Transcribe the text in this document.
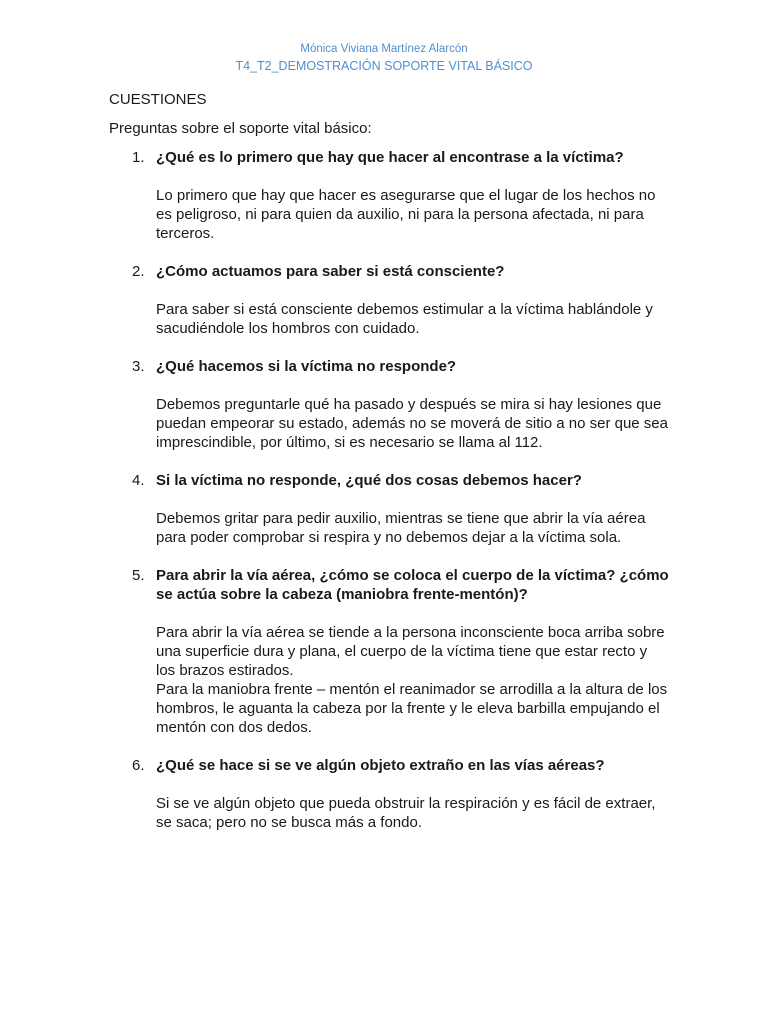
Mónica Viviana Martínez Alarcón
T4_T2_DEMOSTRACIÓN SOPORTE VITAL BÁSICO

CUESTIONES

Preguntas sobre el soporte vital básico:

1. ¿Qué es lo primero que hay que hacer al encontrase a la víctima?

Lo primero que hay que hacer es asegurarse que el lugar de los hechos no es peligroso, ni para quien da auxilio, ni para la persona afectada, ni para terceros.

2. ¿Cómo actuamos para saber si está consciente?

Para saber si está consciente debemos estimular a la víctima hablándole y sacudiéndole los hombros con cuidado.

3. ¿Qué hacemos si la víctima no responde?

Debemos preguntarle qué ha pasado y después se mira si hay lesiones que puedan empeorar su estado, además no se moverá de sitio a no ser que sea imprescindible, por último, si es necesario se llama al 112.

4. Si la víctima no responde, ¿qué dos cosas debemos hacer?

Debemos gritar para pedir auxilio, mientras se tiene que abrir la vía aérea para poder comprobar si respira y no debemos dejar a la víctima sola.

5. Para abrir la vía aérea, ¿cómo se coloca el cuerpo de la víctima? ¿cómo se actúa sobre la cabeza (maniobra frente-mentón)?

Para abrir la vía aérea se tiende a la persona inconsciente boca arriba sobre una superficie dura y plana, el cuerpo de la víctima tiene que estar recto y los brazos estirados.
Para la maniobra frente – mentón el reanimador se arrodilla a la altura de los hombros, le aguanta la cabeza por la frente y le eleva barbilla empujando el mentón con dos dedos.

6. ¿Qué se hace si se ve algún objeto extraño en las vías aéreas?

Si se ve algún objeto que pueda obstruir la respiración y es fácil de extraer, se saca; pero no se busca más a fondo.
